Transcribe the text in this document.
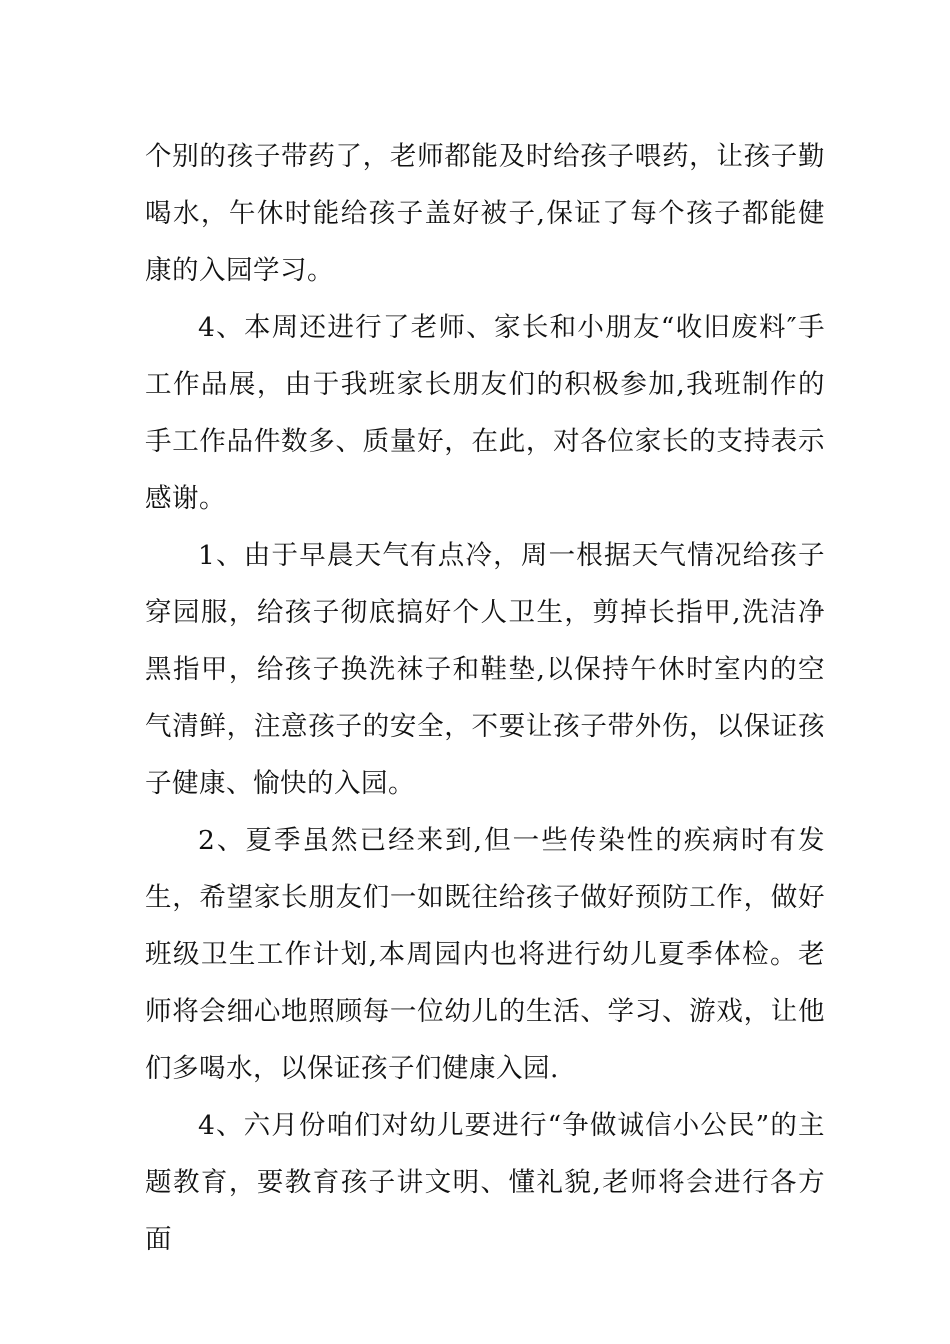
个别的孩子带药了，老师都能及时给孩子喂药，让孩子勤喝水，午休时能给孩子盖好被子,保证了每个孩子都能健康的入园学习。

4、本周还进行了老师、家长和小朋友“收旧废料″手工作品展，由于我班家长朋友们的积极参加,我班制作的手工作品件数多、质量好，在此，对各位家长的支持表示感谢。

1、由于早晨天气有点冷，周一根据天气情况给孩子穿园服，给孩子彻底搞好个人卫生，剪掉长指甲,洗洁净黑指甲，给孩子换洗袜子和鞋垫,以保持午休时室内的空气清鲜，注意孩子的安全，不要让孩子带外伤，以保证孩子健康、愉快的入园。

2、夏季虽然已经来到,但一些传染性的疾病时有发生，希望家长朋友们一如既往给孩子做好预防工作，做好班级卫生工作计划,本周园内也将进行幼儿夏季体检。老师将会细心地照顾每一位幼儿的生活、学习、游戏，让他们多喝水，以保证孩子们健康入园.

4、六月份咱们对幼儿要进行“争做诚信小公民”的主题教育，要教育孩子讲文明、懂礼貌,老师将会进行各方面
